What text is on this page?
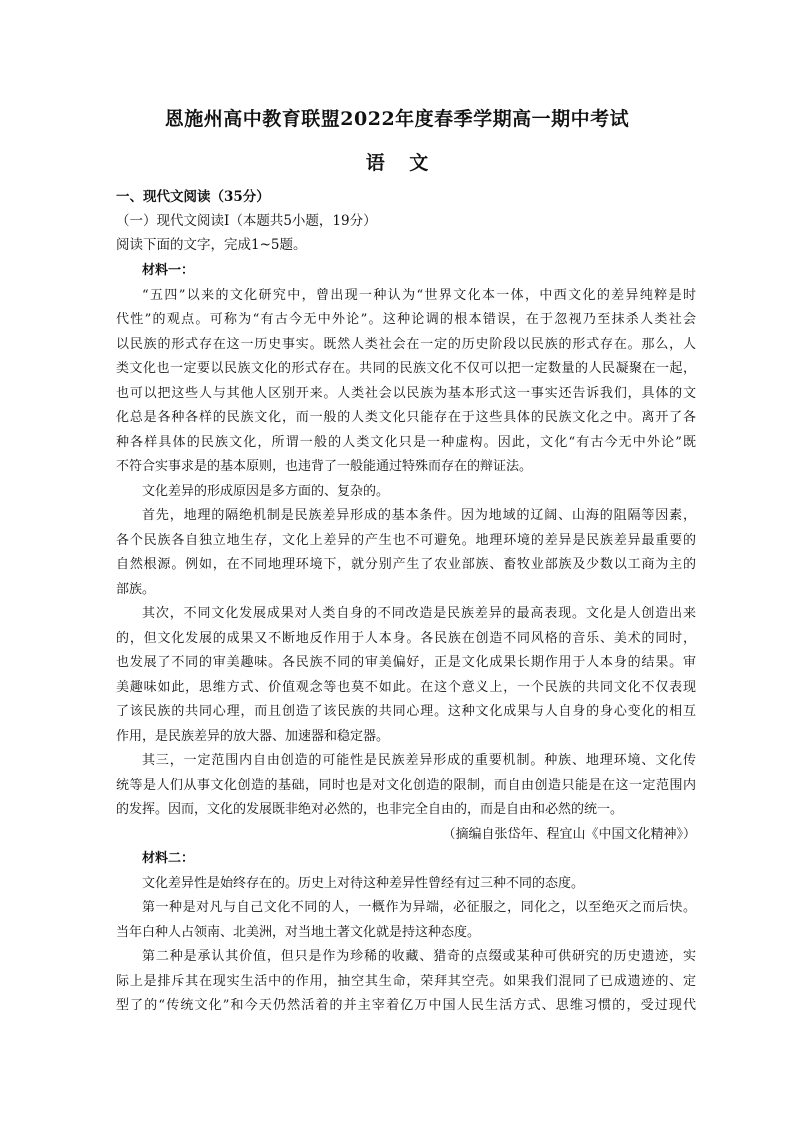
恩施州高中教育联盟2022年度春季学期高一期中考试
语 文
一、现代文阅读（35分）
（一）现代文阅读Ⅰ（本题共5小题，19分）
阅读下面的文字，完成1~5题。
材料一：
“五四”以来的文化研究中，曾出现一种认为“世界文化本一体，中西文化的差异纯粹是时
代性”的观点。可称为“有古今无中外论”。这种论调的根本错误，在于忽视乃至抹杀人类社会
以民族的形式存在这一历史事实。既然人类社会在一定的历史阶段以民族的形式存在。那么，人
类文化也一定要以民族文化的形式存在。共同的民族文化不仅可以把一定数量的人民凝聚在一起，
也可以把这些人与其他人区别开来。人类社会以民族为基本形式这一事实还告诉我们，具体的文
化总是各种各样的民族文化，而一般的人类文化只能存在于这些具体的民族文化之中。离开了各
种各样具体的民族文化，所谓一般的人类文化只是一种虚构。因此，文化“有古今无中外论”既
不符合实事求是的基本原则，也违背了一般能通过特殊而存在的辩证法。
文化差异的形成原因是多方面的、复杂的。
首先，地理的隔绝机制是民族差异形成的基本条件。因为地域的辽阔、山海的阻隔等因素，
各个民族各自独立地生存，文化上差异的产生也不可避免。地理环境的差异是民族差异最重要的
自然根源。例如，在不同地理环境下，就分别产生了农业部族、畜牧业部族及少数以工商为主的
部族。
其次，不同文化发展成果对人类自身的不同改造是民族差异的最高表现。文化是人创造出来
的，但文化发展的成果又不断地反作用于人本身。各民族在创造不同风格的音乐、美术的同时，
也发展了不同的审美趣味。各民族不同的审美偏好，正是文化成果长期作用于人本身的结果。审
美趣味如此，思维方式、价值观念等也莫不如此。在这个意义上，一个民族的共同文化不仅表现
了该民族的共同心理，而且创造了该民族的共同心理。这种文化成果与人自身的身心变化的相互
作用，是民族差异的放大器、加速器和稳定器。
其三，一定范围内自由创造的可能性是民族差异形成的重要机制。种族、地理环境、文化传
统等是人们从事文化创造的基础，同时也是对文化创造的限制，而自由创造只能是在这一定范围内
的发挥。因而，文化的发展既非绝对必然的，也非完全自由的，而是自由和必然的统一。
（摘编自张岱年、程宜山《中国文化精神》）
材料二：
文化差异性是始终存在的。历史上对待这种差异性曾经有过三种不同的态度。
第一种是对凡与自己文化不同的人，一概作为异端，必征服之，同化之，以至绝灭之而后快。
当年白种人占领南、北美洲，对当地土著文化就是持这种态度。
第二种是承认其价值，但只是作为珍稀的收藏、猎奇的点缀或某种可供研究的历史遗迹，实
际上是排斥其在现实生活中的作用，抽空其生命，荣拜其空壳。如果我们混同了已成遗迹的、定
型了的“传统文化”和今天仍然活着的并主宰着亿万中国人民生活方式、思维习惯的，受过现代
